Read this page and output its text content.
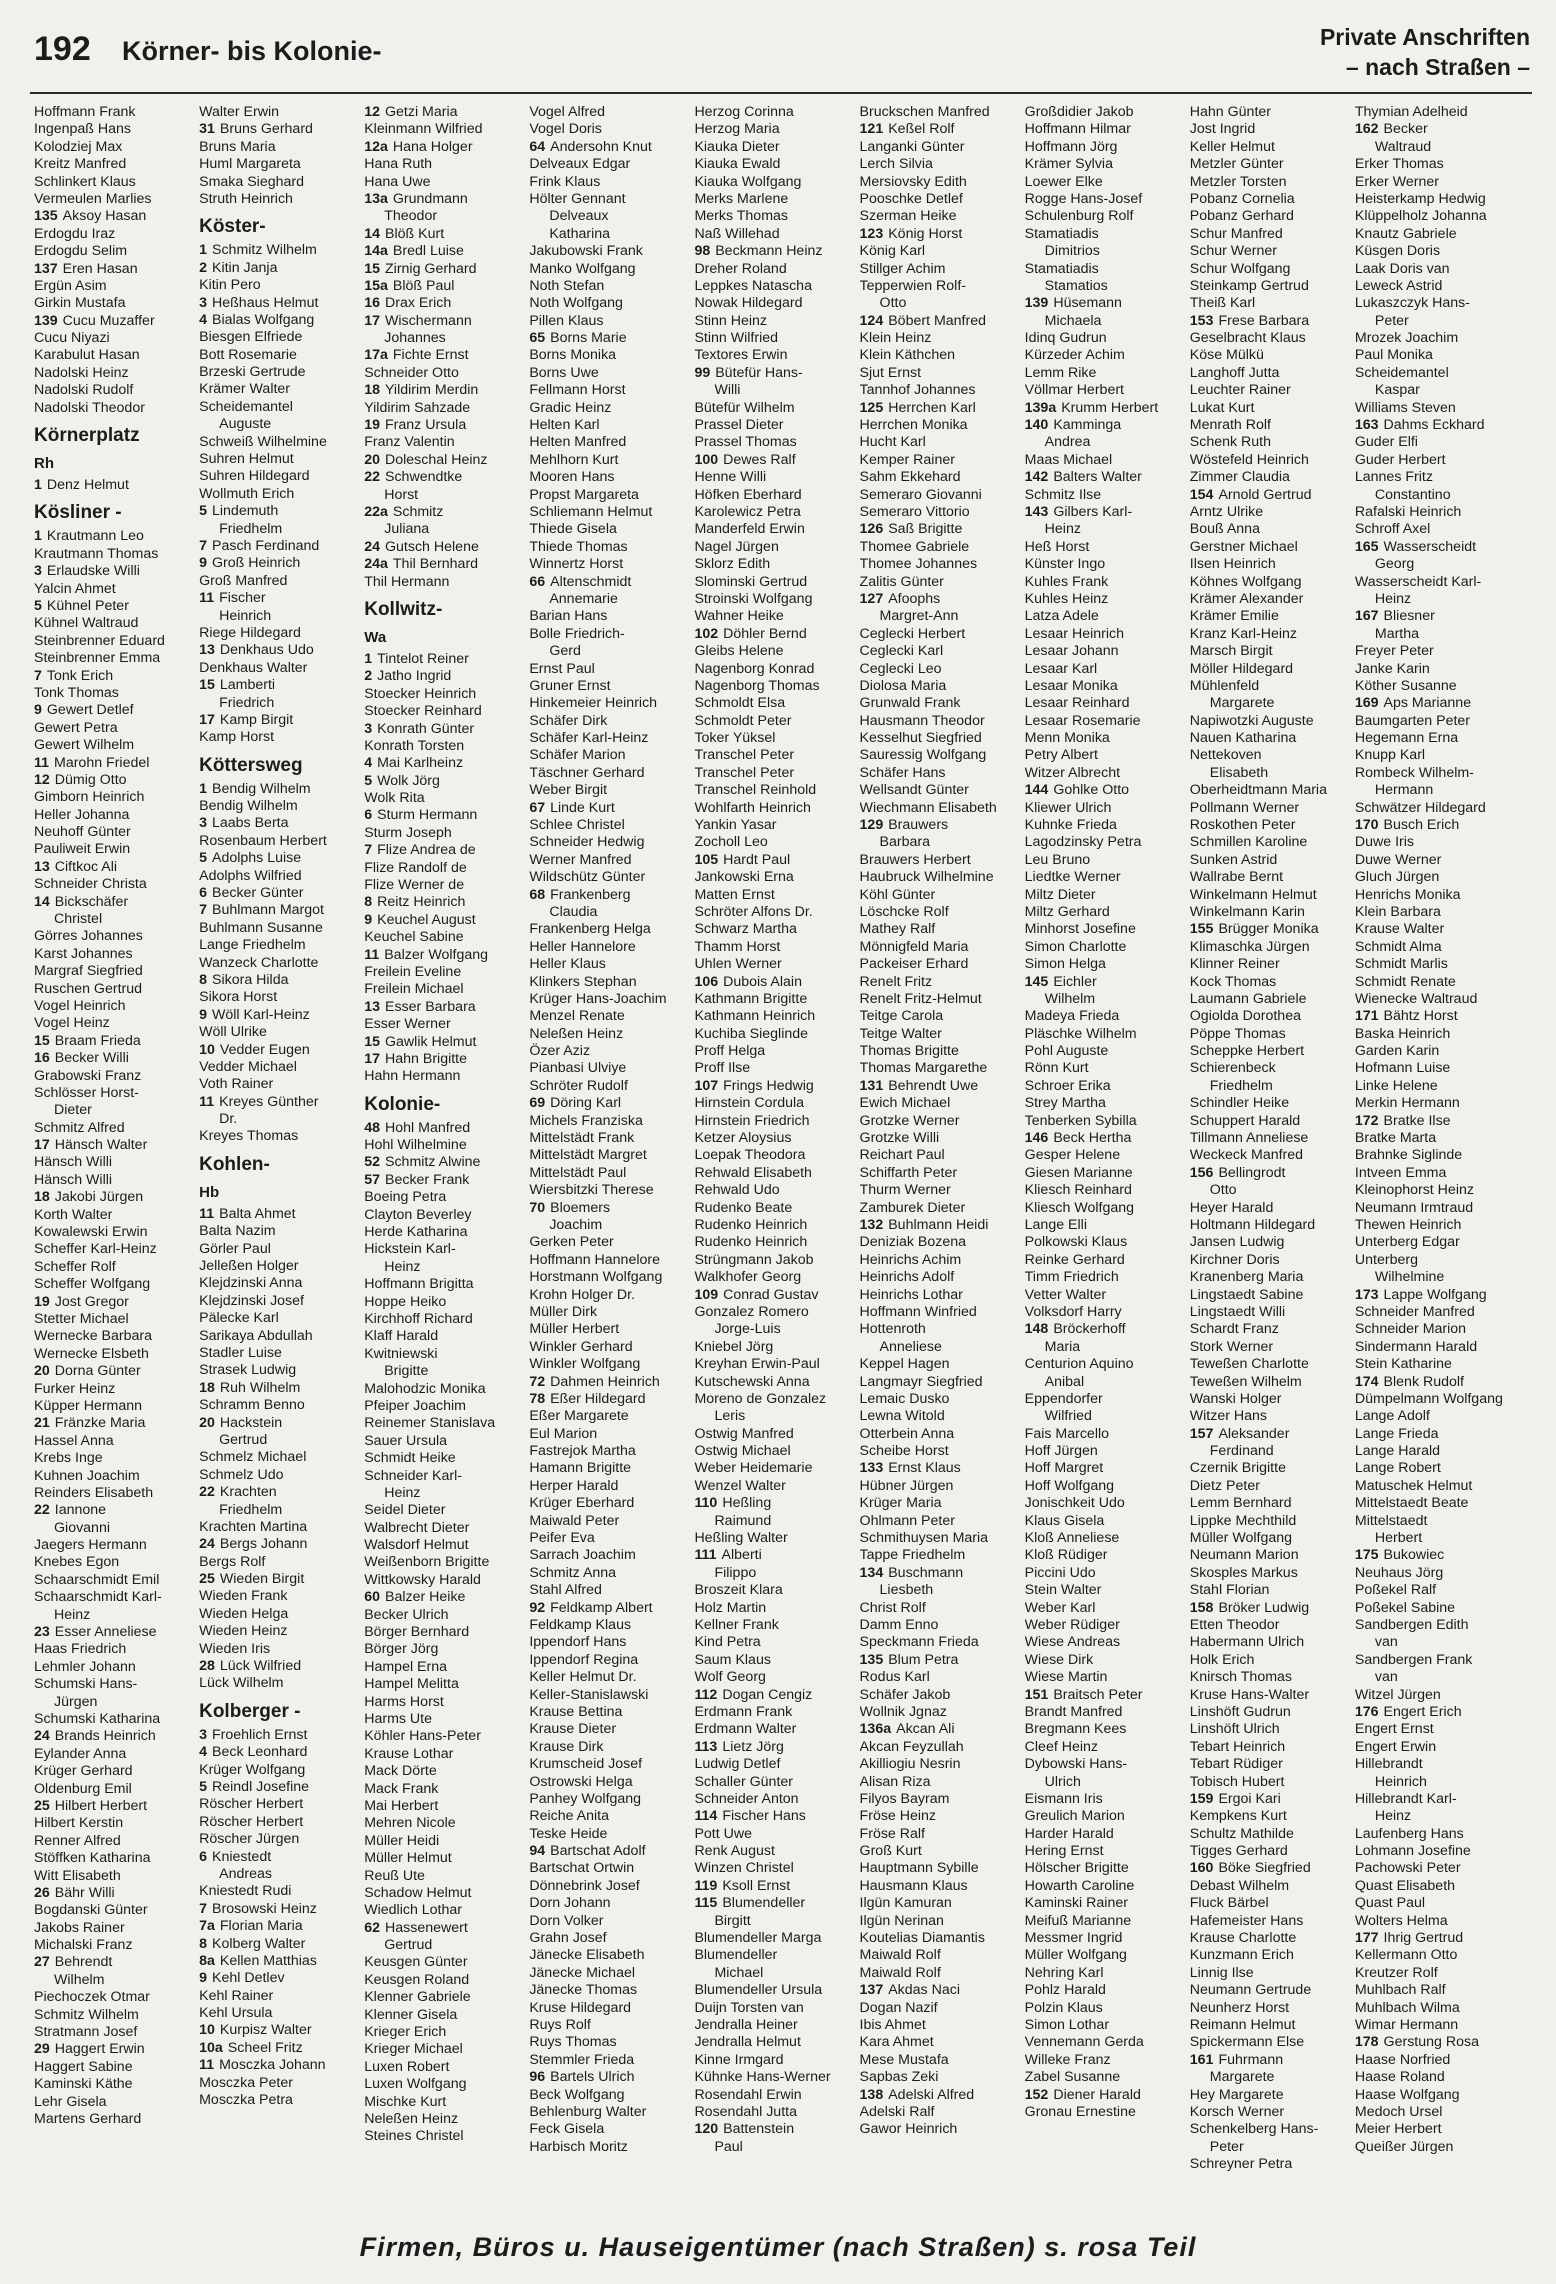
192 Körner- bis Kolonie-	Private Anschriften
– nach Straßen –
Hoffmann Frank
Ingenpaß Hans
Kolodziej Max
Kreitz Manfred
Schlinkert Klaus
Vermeulen Marlies
135 Aksoy Hasan
Erdogdu Iraz
Erdogdu Selim
137 Eren Hasan
Ergün Asim
Girkin Mustafa
139 Cucu Muzaffer
Cucu Niyazi
Karabulut Hasan
Nadolski Heinz
Nadolski Rudolf
Nadolski Theodor
Körnerplatz
Rh
1 Denz Helmut
Kösliner -
1 Krautmann Leo
Krautmann Thomas
3 Erlaudske Willi
Yalcin Ahmet
5 Kühnel Peter
Kühnel Waltraud
Steinbrenner Eduard
Steinbrenner Emma
7 Tonk Erich
Tonk Thomas
9 Gewert Detlef
Gewert Petra
Gewert Wilhelm
11 Marohn Friedel
12 Dümig Otto
Gimborn Heinrich
Heller Johanna
Neuhoff Günter
Pauliweit Erwin
13 Ciftkoc Ali
Schneider Christa
14 Bickschäfer
Christel
Görres Johannes
Karst Johannes
Margraf Siegfried
Ruschen Gertrud
Vogel Heinrich
Vogel Heinz
15 Braam Frieda
16 Becker Willi
Grabowski Franz
Schlösser Horst-
Dieter
Schmitz Alfred
17 Hänsch Walter
Hänsch Willi
Hänsch Willi
18 Jakobi Jürgen
Korth Walter
Kowalewski Erwin
Scheffer Karl-Heinz
Scheffer Rolf
Scheffer Wolfgang
19 Jost Gregor
Stetter Michael
Wernecke Barbara
Wernecke Elsbeth
20 Dorna Günter
Furker Heinz
Küpper Hermann
21 Fränzke Maria
Hassel Anna
Krebs Inge
Kuhnen Joachim
Reinders Elisabeth
22 Iannone
Giovanni
Jaegers Hermann
Knebes Egon
Schaarschmidt Emil
Schaarschmidt Karl-
Heinz
23 Esser Anneliese
Haas Friedrich
Lehmler Johann
Schumski Hans-
Jürgen
Schumski Katharina
24 Brands Heinrich
Eylander Anna
Krüger Gerhard
Oldenburg Emil
25 Hilbert Herbert
Hilbert Kerstin
Renner Alfred
Stöffken Katharina
Witt Elisabeth
26 Bähr Willi
Bogdanski Günter
Jakobs Rainer
Michalski Franz
27 Behrendt
Wilhelm
Piechoczek Otmar
Schmitz Wilhelm
Stratmann Josef
29 Haggert Erwin
Haggert Sabine
Kaminski Käthe
Lehr Gisela
Martens Gerhard
Walter Erwin
31 Bruns Gerhard
Bruns Maria
Huml Margareta
Smaka Sieghard
Struth Heinrich
Köster-
1 Schmitz Wilhelm
2 Kitin Janja
Kitin Pero
3 Heßhaus Helmut
4 Bialas Wolfgang
Biesgen Elfriede
Bott Rosemarie
Brzeski Gertrude
Krämer Walter
Scheidemantel
Auguste
Schweiß Wilhelmine
Suhren Helmut
Suhren Hildegard
Wollmuth Erich
5 Lindemuth
Friedhelm
7 Pasch Ferdinand
9 Groß Heinrich
Groß Manfred
11 Fischer
Heinrich
Riege Hildegard
13 Denkhaus Udo
Denkhaus Walter
15 Lamberti
Friedrich
17 Kamp Birgit
Kamp Horst
Köttersweg
1 Bendig Wilhelm
Bendig Wilhelm
3 Laabs Berta
Rosenbaum Herbert
5 Adolphs Luise
Adolphs Wilfried
6 Becker Günter
7 Buhlmann Margot
Buhlmann Susanne
Lange Friedhelm
Wanzeck Charlotte
8 Sikora Hilda
Sikora Horst
9 Wöll Karl-Heinz
Wöll Ulrike
10 Vedder Eugen
Vedder Michael
Voth Rainer
11 Kreyes Günther
Dr.
Kreyes Thomas
Kohlen-
Hb
11 Balta Ahmet
Balta Nazim
Görler Paul
Jelleßen Holger
Klejdzinski Anna
Klejdzinski Josef
Pälecke Karl
Sarikaya Abdullah
Stadler Luise
Strasek Ludwig
18 Ruh Wilhelm
Schramm Benno
20 Hackstein
Gertrud
Schmelz Michael
Schmelz Udo
22 Krachten
Friedhelm
Krachten Martina
24 Bergs Johann
Bergs Rolf
25 Wieden Birgit
Wieden Frank
Wieden Helga
Wieden Heinz
Wieden Iris
28 Lück Wilfried
Lück Wilhelm
Kolberger -
3 Froehlich Ernst
4 Beck Leonhard
Krüger Wolfgang
5 Reindl Josefine
Röscher Herbert
Röscher Herbert
Röscher Jürgen
6 Kniestedt
Andreas
Kniestedt Rudi
7 Brosowski Heinz
7a Florian Maria
8 Kolberg Walter
8a Kellen Matthias
9 Kehl Detlev
Kehl Rainer
Kehl Ursula
10 Kurpisz Walter
10a Scheel Fritz
11 Mosczka Johann
Mosczka Peter
Mosczka Petra
12 Getzi Maria
Kleinmann Wilfried
12a Hana Holger
Hana Ruth
Hana Uwe
13a Grundmann
Theodor
14 Blöß Kurt
14a Bredl Luise
15 Zirnig Gerhard
15a Blöß Paul
16 Drax Erich
17 Wischermann
Johannes
17a Fichte Ernst
Schneider Otto
18 Yildirim Merdin
Yildirim Sahzade
19 Franz Ursula
Franz Valentin
20 Doleschal Heinz
22 Schwendtke
Horst
22a Schmitz
Juliana
24 Gutsch Helene
24a Thil Bernhard
Thil Hermann
Kollwitz-
Wa
1 Tintelot Reiner
2 Jatho Ingrid
Stoecker Heinrich
Stoecker Reinhard
3 Konrath Günter
Konrath Torsten
4 Mai Karlheinz
5 Wolk Jörg
Wolk Rita
6 Sturm Hermann
Sturm Joseph
7 Flize Andrea de
Flize Randolf de
Flize Werner de
8 Reitz Heinrich
9 Keuchel August
Keuchel Sabine
11 Balzer Wolfgang
Freilein Eveline
Freilein Michael
13 Esser Barbara
Esser Werner
15 Gawlik Helmut
17 Hahn Brigitte
Hahn Hermann
Kolonie-
48 Hohl Manfred
Hohl Wilhelmine
52 Schmitz Alwine
57 Becker Frank
Boeing Petra
Clayton Beverley
Herde Katharina
Hickstein Karl-
Heinz
Hoffmann Brigitta
Hoppe Heiko
Kirchhoff Richard
Klaff Harald
Kwitniewski
Brigitte
Malohodzic Monika
Pfeiper Joachim
Reinemer Stanislava
Sauer Ursula
Schmidt Heike
Schneider Karl-
Heinz
Seidel Dieter
Walbrecht Dieter
Walsdorf Helmut
Weißenborn Brigitte
Wittkowsky Harald
60 Balzer Heike
Becker Ulrich
Börger Bernhard
Börger Jörg
Hampel Erna
Hampel Melitta
Harms Horst
Harms Ute
Köhler Hans-Peter
Krause Lothar
Mack Dörte
Mack Frank
Mai Herbert
Mehren Nicole
Müller Heidi
Müller Helmut
Reuß Ute
Schadow Helmut
Wiedlich Lothar
62 Hassenewert
Gertrud
Keusgen Günter
Keusgen Roland
Klenner Gabriele
Klenner Gisela
Krieger Erich
Krieger Michael
Luxen Robert
Luxen Wolfgang
Mischke Kurt
Neleßen Heinz
Steines Christel
Vogel Alfred
Vogel Doris
64 Andersohn Knut
Delveaux Edgar
Frink Klaus
Hölter Gennant
Delveaux
Katharina
Jakubowski Frank
Manko Wolfgang
Noth Stefan
Noth Wolfgang
Pillen Klaus
65 Borns Marie
Borns Monika
Borns Uwe
Fellmann Horst
Gradic Heinz
Helten Karl
Helten Manfred
Mehlhorn Kurt
Mooren Hans
Propst Margareta
Schliemann Helmut
Thiede Gisela
Thiede Thomas
Winnertz Horst
66 Altenschmidt
Annemarie
Barian Hans
Bolle Friedrich-
Gerd
Ernst Paul
Gruner Ernst
Hinkemeier Heinrich
Schäfer Dirk
Schäfer Karl-Heinz
Schäfer Marion
Täschner Gerhard
Weber Birgit
67 Linde Kurt
Schlee Christel
Schneider Hedwig
Werner Manfred
Wildschütz Günter
68 Frankenberg
Claudia
Frankenberg Helga
Heller Hannelore
Heller Klaus
Klinkers Stephan
Krüger Hans-Joachim
Menzel Renate
Neleßen Heinz
Özer Aziz
Pianbasi Ulviye
Schröter Rudolf
69 Döring Karl
Michels Franziska
Mittelstädt Frank
Mittelstädt Margret
Mittelstädt Paul
Wiersbitzki Therese
70 Bloemers
Joachim
Gerken Peter
Hoffmann Hannelore
Horstmann Wolfgang
Krohn Holger Dr.
Müller Dirk
Müller Herbert
Winkler Gerhard
Winkler Wolfgang
72 Dahmen Heinrich
78 Eßer Hildegard
Eßer Margarete
Eul Marion
Fastrejok Martha
Hamann Brigitte
Herper Harald
Krüger Eberhard
Maiwald Peter
Peifer Eva
Sarrach Joachim
Schmitz Anna
Stahl Alfred
92 Feldkamp Albert
Feldkamp Klaus
Ippendorf Hans
Ippendorf Regina
Keller Helmut Dr.
Keller-Stanislawski
Krause Bettina
Krause Dieter
Krause Dirk
Krumscheid Josef
Ostrowski Helga
Panhey Wolfgang
Reiche Anita
Teske Heide
94 Bartschat Adolf
Bartschat Ortwin
Dönnebrink Josef
Dorn Johann
Dorn Volker
Grahn Josef
Jänecke Elisabeth
Jänecke Michael
Jänecke Thomas
Kruse Hildegard
Ruys Rolf
Ruys Thomas
Stemmler Frieda
96 Bartels Ulrich
Beck Wolfgang
Behlenburg Walter
Feck Gisela
Harbisch Moritz
Herzog Corinna
Herzog Maria
Kiauka Dieter
Kiauka Ewald
Kiauka Wolfgang
Merks Marlene
Merks Thomas
Naß Willehad
98 Beckmann Heinz
Dreher Roland
Leppkes Natascha
Nowak Hildegard
Stinn Heinz
Stinn Wilfried
Textores Erwin
99 Bütefür Hans-
Willi
Bütefür Wilhelm
Prassel Dieter
Prassel Thomas
100 Dewes Ralf
Henne Willi
Höfken Eberhard
Karolewicz Petra
Manderfeld Erwin
Nagel Jürgen
Sklorz Edith
Slominski Gertrud
Stroinski Wolfgang
Wahner Heike
102 Döhler Bernd
Gleibs Helene
Nagenborg Konrad
Nagenborg Thomas
Schmoldt Elsa
Schmoldt Peter
Toker Yüksel
Transchel Peter
Transchel Peter
Transchel Reinhold
Wohlfarth Heinrich
Yankin Yasar
Zocholl Leo
105 Hardt Paul
Jankowski Erna
Matten Ernst
Schröter Alfons Dr.
Schwarz Martha
Thamm Horst
Uhlen Werner
106 Dubois Alain
Kathmann Brigitte
Kathmann Heinrich
Kuchiba Sieglinde
Proff Helga
Proff Ilse
107 Frings Hedwig
Hirnstein Cordula
Hirnstein Friedrich
Ketzer Aloysius
Loepak Theodora
Rehwald Elisabeth
Rehwald Udo
Rudenko Beate
Rudenko Heinrich
Rudenko Heinrich
Strüngmann Jakob
Walkhofer Georg
109 Conrad Gustav
Gonzalez Romero
Jorge-Luis
Kniebel Jörg
Kreyhan Erwin-Paul
Kutschewski Anna
Moreno de Gonzalez
Leris
Ostwig Manfred
Ostwig Michael
Weber Heidemarie
Wenzel Walter
110 Heßling
Raimund
Heßling Walter
111 Alberti
Filippo
Broszeit Klara
Holz Martin
Kellner Frank
Kind Petra
Saum Klaus
Wolf Georg
112 Dogan Cengiz
Erdmann Frank
Erdmann Walter
113 Lietz Jörg
Ludwig Detlef
Schaller Günter
Schneider Anton
114 Fischer Hans
Pott Uwe
Renk August
Winzen Christel
119 Ksoll Ernst
115 Blumendeller
Birgitt
Blumendeller Marga
Blumendeller
Michael
Blumendeller Ursula
Duijn Torsten van
Jendralla Heiner
Jendralla Helmut
Kinne Irmgard
Kühnke Hans-Werner
Rosendahl Erwin
Rosendahl Jutta
120 Battenstein
Paul
Bruckschen Manfred
121 Keßel Rolf
Langanki Günter
Lerch Silvia
Mersiovsky Edith
Pooschke Detlef
Szerman Heike
123 König Horst
König Karl
Stillger Achim
Tepperwien Rolf-
Otto
124 Böbert Manfred
Klein Heinz
Klein Käthchen
Sjut Ernst
Tannhof Johannes
125 Herrchen Karl
Herrchen Monika
Hucht Karl
Kemper Rainer
Sahm Ekkehard
Semeraro Giovanni
Semeraro Vittorio
126 Saß Brigitte
Thomee Gabriele
Thomee Johannes
Zalitis Günter
127 Afoophs
Margret-Ann
Ceglecki Herbert
Ceglecki Karl
Ceglecki Leo
Diolosa Maria
Grunwald Frank
Hausmann Theodor
Kesselhut Siegfried
Sauressig Wolfgang
Schäfer Hans
Wellsandt Günter
Wiechmann Elisabeth
129 Brauwers
Barbara
Brauwers Herbert
Haubruck Wilhelmine
Köhl Günter
Löschcke Rolf
Mathey Ralf
Mönnigfeld Maria
Packeiser Erhard
Renelt Fritz
Renelt Fritz-Helmut
Teitge Carola
Teitge Walter
Thomas Brigitte
Thomas Margarethe
131 Behrendt Uwe
Ewich Michael
Grotzke Werner
Grotzke Willi
Reichart Paul
Schiffarth Peter
Thurm Werner
Zamburek Dieter
132 Buhlmann Heidi
Deniziak Bozena
Heinrichs Achim
Heinrichs Adolf
Heinrichs Lothar
Hoffmann Winfried
Hottenroth
Anneliese
Keppel Hagen
Langmayr Siegfried
Lemaic Dusko
Lewna Witold
Otterbein Anna
Scheibe Horst
133 Ernst Klaus
Hübner Jürgen
Krüger Maria
Ohlmann Peter
Schmithuysen Maria
Tappe Friedhelm
134 Buschmann
Liesbeth
Christ Rolf
Damm Enno
Speckmann Frieda
135 Blum Petra
Rodus Karl
Schäfer Jakob
Wollnik Jgnaz
136a Akcan Ali
Akcan Feyzullah
Akilliogiu Nesrin
Alisan Riza
Filyos Bayram
Fröse Heinz
Fröse Ralf
Groß Kurt
Hauptmann Sybille
Hausmann Klaus
Ilgün Kamuran
Ilgün Nerinan
Koutelias Diamantis
Maiwald Rolf
Maiwald Rolf
137 Akdas Naci
Dogan Nazif
Ibis Ahmet
Kara Ahmet
Mese Mustafa
Sapbas Zeki
138 Adelski Alfred
Adelski Ralf
Gawor Heinrich
Großdidier Jakob
Hoffmann Hilmar
Hoffmann Jörg
Krämer Sylvia
Loewer Elke
Rogge Hans-Josef
Schulenburg Rolf
Stamatiadis
Dimitrios
Stamatiadis
Stamatios
139 Hüsemann
Michaela
Idinq Gudrun
Kürzeder Achim
Lemm Rike
Völlmar Herbert
139a Krumm Herbert
140 Kamminga
Andrea
Maas Michael
142 Balters Walter
Schmitz Ilse
143 Gilbers Karl-
Heinz
Heß Horst
Künster Ingo
Kuhles Frank
Kuhles Heinz
Latza Adele
Lesaar Heinrich
Lesaar Johann
Lesaar Karl
Lesaar Monika
Lesaar Reinhard
Lesaar Rosemarie
Menn Monika
Petry Albert
Witzer Albrecht
144 Gohlke Otto
Kliewer Ulrich
Kuhnke Frieda
Lagodzinsky Petra
Leu Bruno
Liedtke Werner
Miltz Dieter
Miltz Gerhard
Minhorst Josefine
Simon Charlotte
Simon Helga
145 Eichler
Wilhelm
Madeya Frieda
Pläschke Wilhelm
Pohl Auguste
Rönn Kurt
Schroer Erika
Strey Martha
Tenberken Sybilla
146 Beck Hertha
Gesper Helene
Giesen Marianne
Kliesch Reinhard
Kliesch Wolfgang
Lange Elli
Polkowski Klaus
Reinke Gerhard
Timm Friedrich
Vetter Walter
Volksdorf Harry
148 Bröckerhoff
Maria
Centurion Aquino
Anibal
Eppendorfer
Wilfried
Fais Marcello
Hoff Jürgen
Hoff Margret
Hoff Wolfgang
Jonischkeit Udo
Klaus Gisela
Kloß Anneliese
Kloß Rüdiger
Piccini Udo
Stein Walter
Weber Karl
Weber Rüdiger
Wiese Andreas
Wiese Dirk
Wiese Martin
151 Braitsch Peter
Brandt Manfred
Bregmann Kees
Cleef Heinz
Dybowski Hans-
Ulrich
Eismann Iris
Greulich Marion
Harder Harald
Hering Ernst
Hölscher Brigitte
Howarth Caroline
Kaminski Rainer
Meifuß Marianne
Messmer Ingrid
Müller Wolfgang
Nehring Karl
Pohlz Harald
Polzin Klaus
Simon Lothar
Vennemann Gerda
Willeke Franz
Zabel Susanne
152 Diener Harald
Gronau Ernestine
Hahn Günter
Jost Ingrid
Keller Helmut
Metzler Günter
Metzler Torsten
Pobanz Cornelia
Pobanz Gerhard
Schur Manfred
Schur Werner
Schur Wolfgang
Steinkamp Gertrud
Theiß Karl
153 Frese Barbara
Geselbracht Klaus
Köse Mülkü
Langhoff Jutta
Leuchter Rainer
Lukat Kurt
Menrath Rolf
Schenk Ruth
Wöstefeld Heinrich
Zimmer Claudia
154 Arnold Gertrud
Arntz Ulrike
Bouß Anna
Gerstner Michael
Ilsen Heinrich
Köhnes Wolfgang
Krämer Alexander
Krämer Emilie
Kranz Karl-Heinz
Marsch Birgit
Möller Hildegard
Mühlenfeld
Margarete
Napiwotzki Auguste
Nauen Katharina
Nettekoven
Elisabeth
Oberheidtmann Maria
Pollmann Werner
Roskothen Peter
Schmillen Karoline
Sunken Astrid
Wallrabe Bernt
Winkelmann Helmut
Winkelmann Karin
155 Brügger Monika
Klimaschka Jürgen
Klinner Reiner
Kock Thomas
Laumann Gabriele
Ogiolda Dorothea
Pöppe Thomas
Scheppke Herbert
Schierenbeck
Friedhelm
Schindler Heike
Schuppert Harald
Tillmann Anneliese
Weckeck Manfred
156 Bellingrodt
Otto
Heyer Harald
Holtmann Hildegard
Jansen Ludwig
Kirchner Doris
Kranenberg Maria
Lingstaedt Sabine
Lingstaedt Willi
Schardt Franz
Stork Werner
Teweßen Charlotte
Teweßen Wilhelm
Wanski Holger
Witzer Hans
157 Aleksander
Ferdinand
Czernik Brigitte
Dietz Peter
Lemm Bernhard
Lippke Mechthild
Müller Wolfgang
Neumann Marion
Skosples Markus
Stahl Florian
158 Bröker Ludwig
Etten Theodor
Habermann Ulrich
Holk Erich
Knirsch Thomas
Kruse Hans-Walter
Linshöft Gudrun
Linshöft Ulrich
Tebart Heinrich
Tebart Rüdiger
Tobisch Hubert
159 Ergoi Kari
Kempkens Kurt
Schultz Mathilde
Tigges Gerhard
160 Böke Siegfried
Debast Wilhelm
Fluck Bärbel
Hafemeister Hans
Krause Charlotte
Kunzmann Erich
Linnig Ilse
Neumann Gertrude
Neunherz Horst
Reimann Helmut
Spickermann Else
161 Fuhrmann
Margarete
Hey Margarete
Korsch Werner
Schenkelberg Hans-
Peter
Schreyner Petra
Thymian Adelheid
162 Becker
Waltraud
Erker Thomas
Erker Werner
Heisterkamp Hedwig
Klüppelholz Johanna
Knautz Gabriele
Küsgen Doris
Laak Doris van
Leweck Astrid
Lukaszczyk Hans-
Peter
Mrozek Joachim
Paul Monika
Scheidemantel
Kaspar
Williams Steven
163 Dahms Eckhard
Guder Elfi
Guder Herbert
Lannes Fritz
Constantino
Rafalski Heinrich
Schroff Axel
165 Wasserscheidt
Georg
Wasserscheidt Karl-
Heinz
167 Bliesner
Martha
Freyer Peter
Janke Karin
Köther Susanne
169 Aps Marianne
Baumgarten Peter
Hegemann Erna
Knupp Karl
Rombeck Wilhelm-
Hermann
Schwätzer Hildegard
170 Busch Erich
Duwe Iris
Duwe Werner
Gluch Jürgen
Henrichs Monika
Klein Barbara
Krause Walter
Schmidt Alma
Schmidt Marlis
Schmidt Renate
Wienecke Waltraud
171 Bähtz Horst
Baska Heinrich
Garden Karin
Hofmann Luise
Linke Helene
Merkin Hermann
172 Bratke Ilse
Bratke Marta
Brahnke Siglinde
Intveen Emma
Kleinophorst Heinz
Neumann Irmtraud
Thewen Heinrich
Unterberg Edgar
Unterberg
Wilhelmine
173 Lappe Wolfgang
Schneider Manfred
Schneider Marion
Sindermann Harald
Stein Katharine
174 Blenk Rudolf
Dümpelmann Wolfgang
Lange Adolf
Lange Frieda
Lange Harald
Lange Robert
Matuschek Helmut
Mittelstaedt Beate
Mittelstaedt
Herbert
175 Bukowiec
Neuhaus Jörg
Poßekel Ralf
Poßekel Sabine
Sandbergen Edith
van
Sandbergen Frank
van
Witzel Jürgen
176 Engert Erich
Engert Ernst
Engert Erwin
Hillebrandt
Heinrich
Hillebrandt Karl-
Heinz
Laufenberg Hans
Lohmann Josefine
Pachowski Peter
Quast Elisabeth
Quast Paul
Wolters Helma
177 Ihrig Gertrud
Kellermann Otto
Kreutzer Rolf
Muhlbach Ralf
Muhlbach Wilma
Wimar Hermann
178 Gerstung Rosa
Haase Norfried
Haase Roland
Haase Wolfgang
Medoch Ursel
Meier Herbert
Queißer Jürgen
Firmen, Büros u. Hauseigentümer (nach Straßen) s. rosa Teil
